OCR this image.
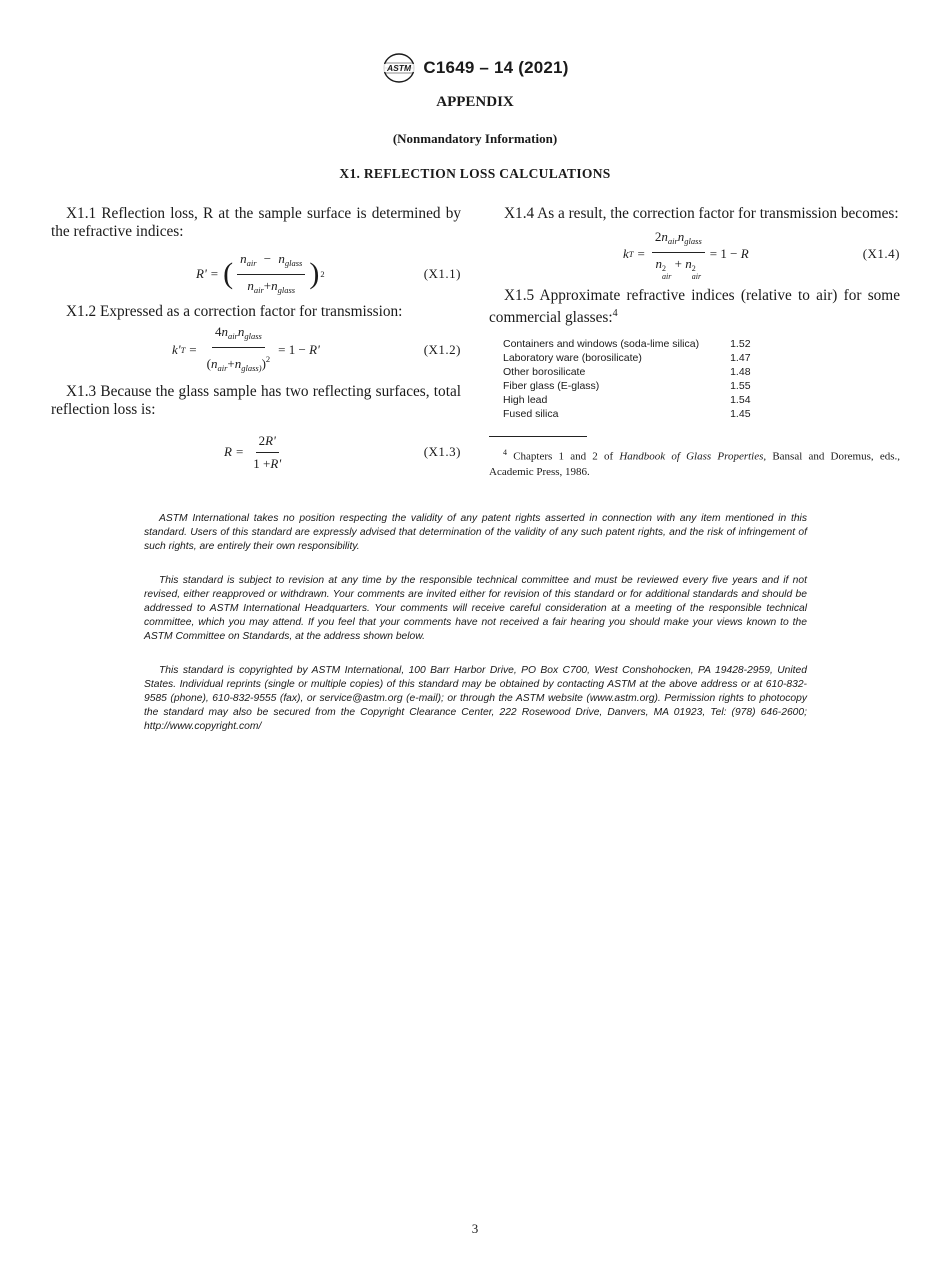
ASTM C1649 – 14 (2021)
APPENDIX
(Nonmandatory Information)
X1. REFLECTION LOSS CALCULATIONS

X1.1 Reflection loss, R at the sample surface is determined by the refractive indices:

R' = ( $\frac{n_{air} - n_{glass}}{n_{air}+n_{glass}}$ ) 2	(X1.1)

X1.2 Expressed as a correction factor for transmission:

k' $T = \frac{4n_{air}n_{glass}}{(n_{air}+n_{glass)})^2} = 1$ −
R'	(X1.2)

X1.3 Because the glass sample has two reflecting surfaces, total reflection loss is:

$R = \frac{2R'}{1 +R'}$	(X1.3)

X1.4 As a result, the correction factor for transmission becomes:

k $T = 2n_{air}n_{glass}$
n 2
air
+ n 2
air = 1 −
R	(X1.4)

X1.5 Approximate refractive indices (relative to air) for some commercial glasses:$^4$

Containers and windows (soda-lime silica)	1.52
Laboratory ware (borosilicate)	1.47
Other borosilicate	1.48
Fiber glass (E-glass)	1.55
High lead	1.54
Fused silica	1.45

$^4$ Chapters 1 and 2 of Handbook of Glass Properties, Bansal and Doremus, eds., Academic Press, 1986.

ASTM International takes no position respecting the validity of any patent rights asserted in connection with any item mentioned in this standard. Users of this standard are expressly advised that determination of the validity of any such patent rights, and the risk of infringement of such rights, are entirely their own responsibility.

This standard is subject to revision at any time by the responsible technical committee and must be reviewed every five years and if not revised, either reapproved or withdrawn. Your comments are invited either for revision of this standard or for additional standards and should be addressed to ASTM International Headquarters. Your comments will receive careful consideration at a meeting of the responsible technical committee, which you may attend. If you feel that your comments have not received a fair hearing you should make your views known to the ASTM Committee on Standards, at the address shown below.

This standard is copyrighted by ASTM International, 100 Barr Harbor Drive, PO Box C700, West Conshohocken, PA 19428-2959, United States. Individual reprints (single or multiple copies) of this standard may be obtained by contacting ASTM at the above address or at 610-832-9585 (phone), 610-832-9555 (fax), or service@astm.org (e-mail); or through the ASTM website (www.astm.org). Permission rights to photocopy the standard may also be secured from the Copyright Clearance Center, 222 Rosewood Drive, Danvers, MA 01923, Tel: (978) 646-2600; http://www.copyright.com/

3
